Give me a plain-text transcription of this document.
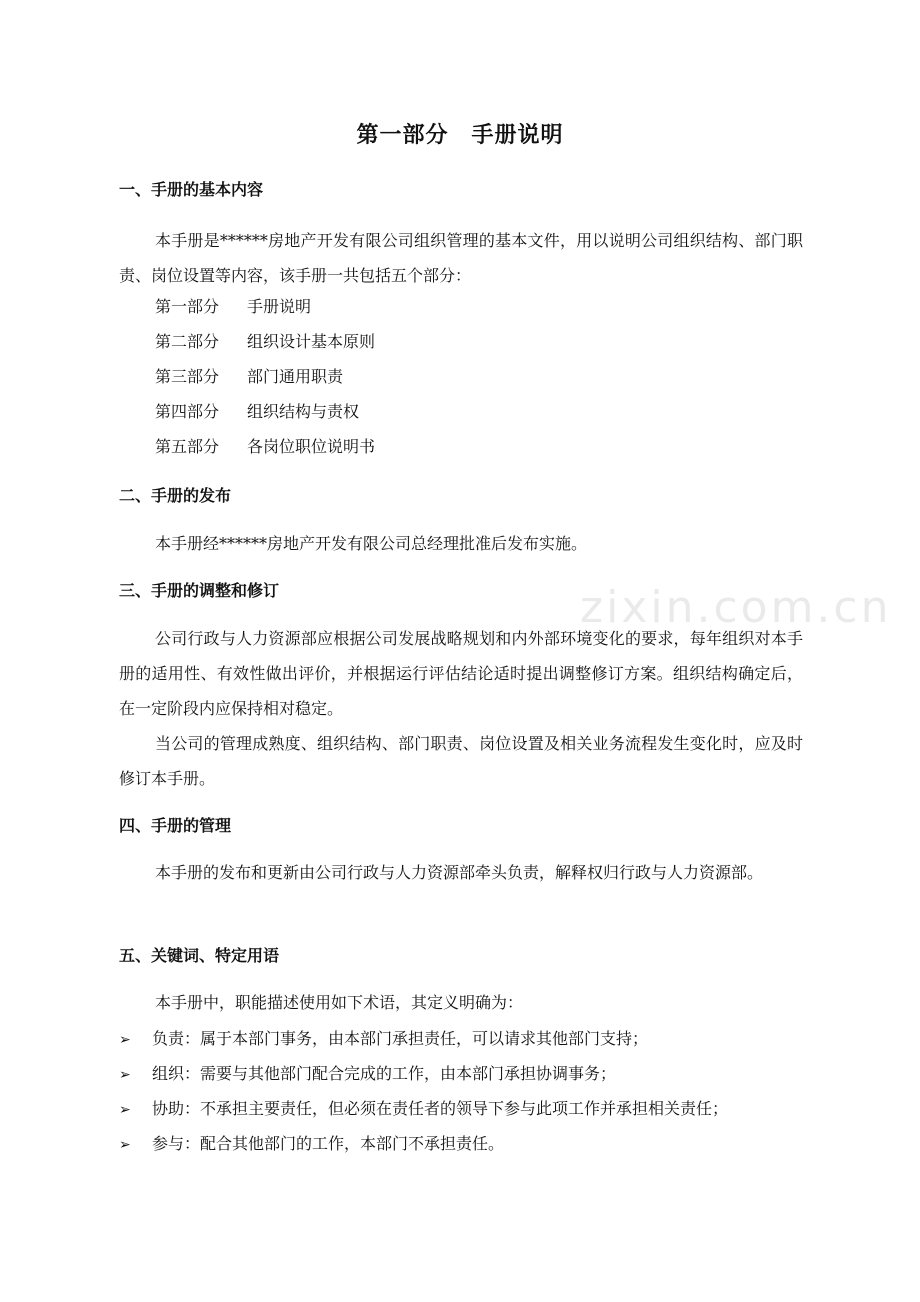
zixin.com.cn
第一部分　手册说明
一、手册的基本内容
本手册是******房地产开发有限公司组织管理的基本文件，用以说明公司组织结构、部门职责、岗位设置等内容，该手册一共包括五个部分：
第一部分 手册说明
第二部分 组织设计基本原则
第三部分 部门通用职责
第四部分 组织结构与责权
第五部分 各岗位职位说明书
二、手册的发布
本手册经******房地产开发有限公司总经理批准后发布实施。
三、手册的调整和修订
公司行政与人力资源部应根据公司发展战略规划和内外部环境变化的要求，每年组织对本手册的适用性、有效性做出评价，并根据运行评估结论适时提出调整修订方案。组织结构确定后，在一定阶段内应保持相对稳定。
当公司的管理成熟度、组织结构、部门职责、岗位设置及相关业务流程发生变化时，应及时修订本手册。
四、手册的管理
本手册的发布和更新由公司行政与人力资源部牵头负责，解释权归行政与人力资源部。
五、关键词、特定用语
本手册中，职能描述使用如下术语，其定义明确为：
➢ 负责：属于本部门事务，由本部门承担责任，可以请求其他部门支持；
➢ 组织：需要与其他部门配合完成的工作，由本部门承担协调事务；
➢ 协助：不承担主要责任，但必须在责任者的领导下参与此项工作并承担相关责任；
➢ 参与：配合其他部门的工作，本部门不承担责任。
